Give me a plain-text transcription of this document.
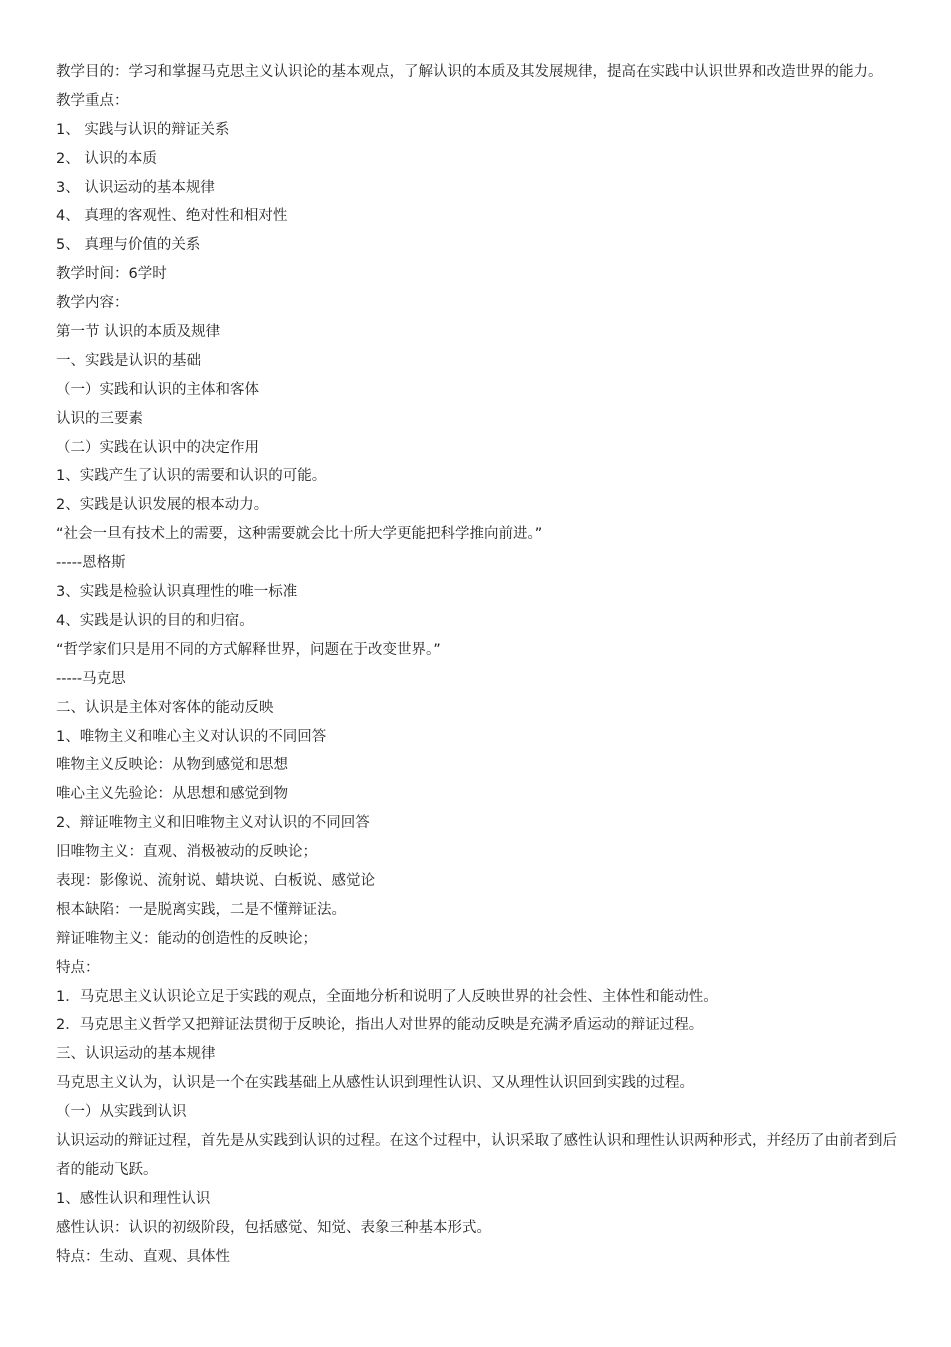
教学目的：学习和掌握马克思主义认识论的基本观点，了解认识的本质及其发展规律，提高在实践中认识世界和改造世界的能力。
教学重点：
1、 实践与认识的辩证关系
2、 认识的本质
3、 认识运动的基本规律
4、 真理的客观性、绝对性和相对性
5、 真理与价值的关系
教学时间：6学时
教学内容：
第一节 认识的本质及规律
一、实践是认识的基础
（一）实践和认识的主体和客体
认识的三要素
（二）实践在认识中的决定作用
1、实践产生了认识的需要和认识的可能。
2、实践是认识发展的根本动力。
“社会一旦有技术上的需要，这种需要就会比十所大学更能把科学推向前进。”
-----恩格斯
3、实践是检验认识真理性的唯一标准
4、实践是认识的目的和归宿。
“哲学家们只是用不同的方式解释世界，问题在于改变世界。”
-----马克思
二、认识是主体对客体的能动反映
1、唯物主义和唯心主义对认识的不同回答
唯物主义反映论：从物到感觉和思想
唯心主义先验论：从思想和感觉到物
2、辩证唯物主义和旧唯物主义对认识的不同回答
旧唯物主义：直观、消极被动的反映论；
表现：影像说、流射说、蜡块说、白板说、感觉论
根本缺陷：一是脱离实践，二是不懂辩证法。
辩证唯物主义：能动的创造性的反映论；
特点：
1．马克思主义认识论立足于实践的观点，全面地分析和说明了人反映世界的社会性、主体性和能动性。
2．马克思主义哲学又把辩证法贯彻于反映论，指出人对世界的能动反映是充满矛盾运动的辩证过程。
三、认识运动的基本规律
马克思主义认为，认识是一个在实践基础上从感性认识到理性认识、又从理性认识回到实践的过程。
（一）从实践到认识
认识运动的辩证过程，首先是从实践到认识的过程。在这个过程中，认识采取了感性认识和理性认识两种形式，并经历了由前者到后者的能动飞跃。
1、感性认识和理性认识
感性认识：认识的初级阶段，包括感觉、知觉、表象三种基本形式。
特点：生动、直观、具体性
